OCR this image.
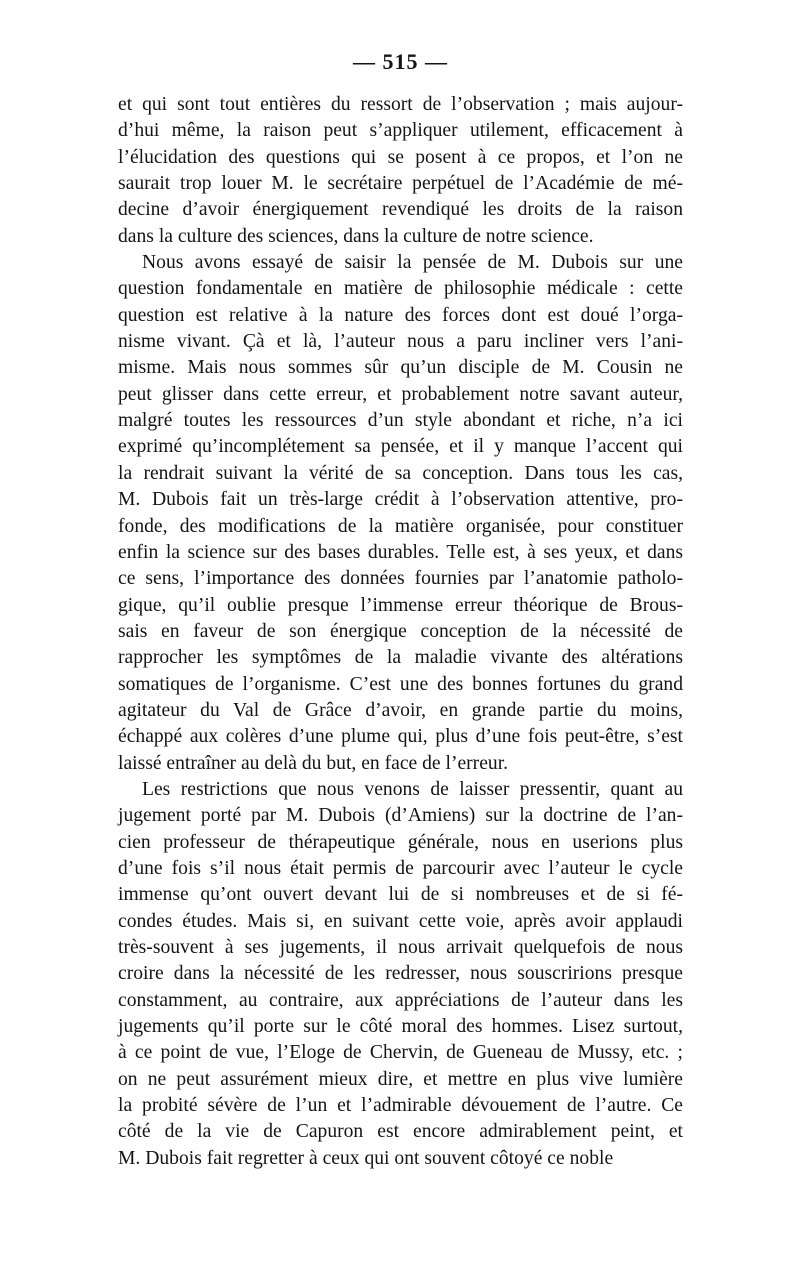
— 515 —

et qui sont tout entières du ressort de l’observation ; mais aujour-
d’hui même, la raison peut s’appliquer utilement, efficacement à
l’élucidation des questions qui se posent à ce propos, et l’on ne
saurait trop louer M. le secrétaire perpétuel de l’Académie de mé-
decine d’avoir énergiquement revendiqué les droits de la raison
dans la culture des sciences, dans la culture de notre science.

Nous avons essayé de saisir la pensée de M. Dubois sur une
question fondamentale en matière de philosophie médicale : cette
question est relative à la nature des forces dont est doué l’orga-
nisme vivant. Çà et là, l’auteur nous a paru incliner vers l’ani-
misme. Mais nous sommes sûr qu’un disciple de M. Cousin ne
peut glisser dans cette erreur, et probablement notre savant auteur,
malgré toutes les ressources d’un style abondant et riche, n’a ici
exprimé qu’incomplétement sa pensée, et il y manque l’accent qui
la rendrait suivant la vérité de sa conception. Dans tous les cas,
M. Dubois fait un très-large crédit à l’observation attentive, pro-
fonde, des modifications de la matière organisée, pour constituer
enfin la science sur des bases durables. Telle est, à ses yeux, et dans
ce sens, l’importance des données fournies par l’anatomie patholo-
gique, qu’il oublie presque l’immense erreur théorique de Brous-
sais en faveur de son énergique conception de la nécessité de
rapprocher les symptômes de la maladie vivante des altérations
somatiques de l’organisme. C’est une des bonnes fortunes du grand
agitateur du Val de Grâce d’avoir, en grande partie du moins,
échappé aux colères d’une plume qui, plus d’une fois peut-être, s’est
laissé entraîner au delà du but, en face de l’erreur.

Les restrictions que nous venons de laisser pressentir, quant au
jugement porté par M. Dubois (d’Amiens) sur la doctrine de l’an-
cien professeur de thérapeutique générale, nous en userions plus
d’une fois s’il nous était permis de parcourir avec l’auteur le cycle
immense qu’ont ouvert devant lui de si nombreuses et de si fé-
condes études. Mais si, en suivant cette voie, après avoir applaudi
très-souvent à ses jugements, il nous arrivait quelquefois de nous
croire dans la nécessité de les redresser, nous souscririons presque
constamment, au contraire, aux appréciations de l’auteur dans les
jugements qu’il porte sur le côté moral des hommes. Lisez surtout,
à ce point de vue, l’Eloge de Chervin, de Gueneau de Mussy, etc. ;
on ne peut assurément mieux dire, et mettre en plus vive lumière
la probité sévère de l’un et l’admirable dévouement de l’autre. Ce
côté de la vie de Capuron est encore admirablement peint, et
M. Dubois fait regretter à ceux qui ont souvent côtoyé ce noble
